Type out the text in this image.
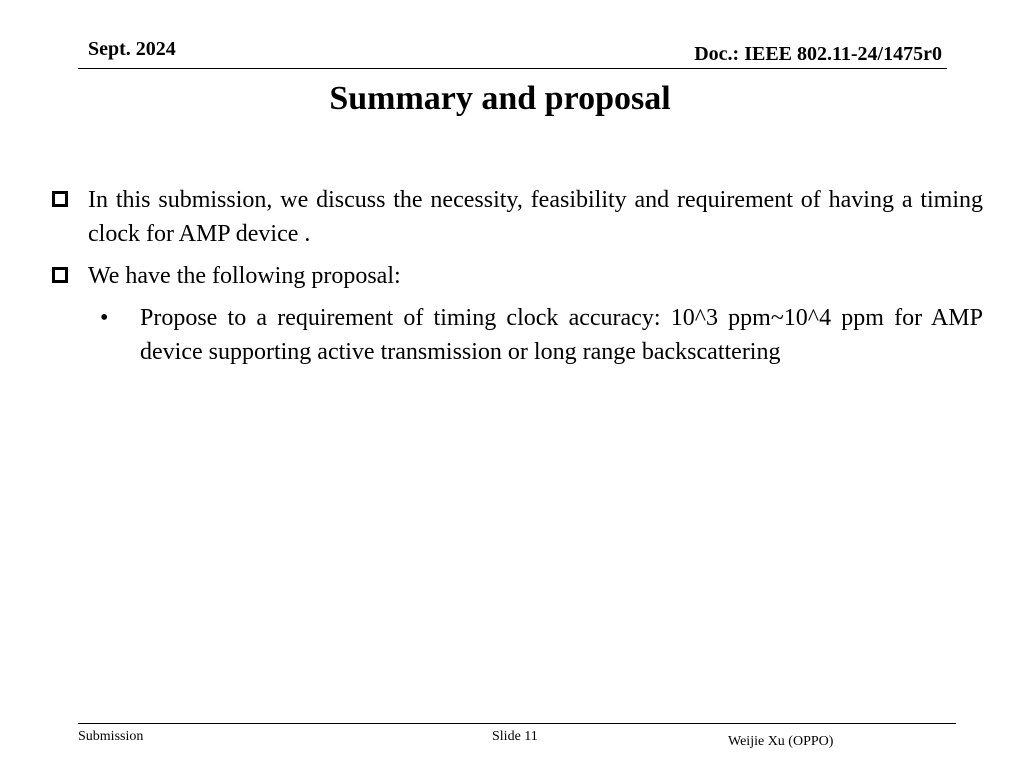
Sept. 2024	Doc.: IEEE 802.11-24/1475r0
Summary and proposal
In this submission, we discuss the necessity, feasibility and requirement of having a timing clock for AMP device .
We have the following proposal:
•	Propose to a requirement of timing clock accuracy: 10^3 ppm~10^4 ppm for AMP device supporting active transmission or long range backscattering
Submission	Slide 11	Weijie Xu (OPPO)
